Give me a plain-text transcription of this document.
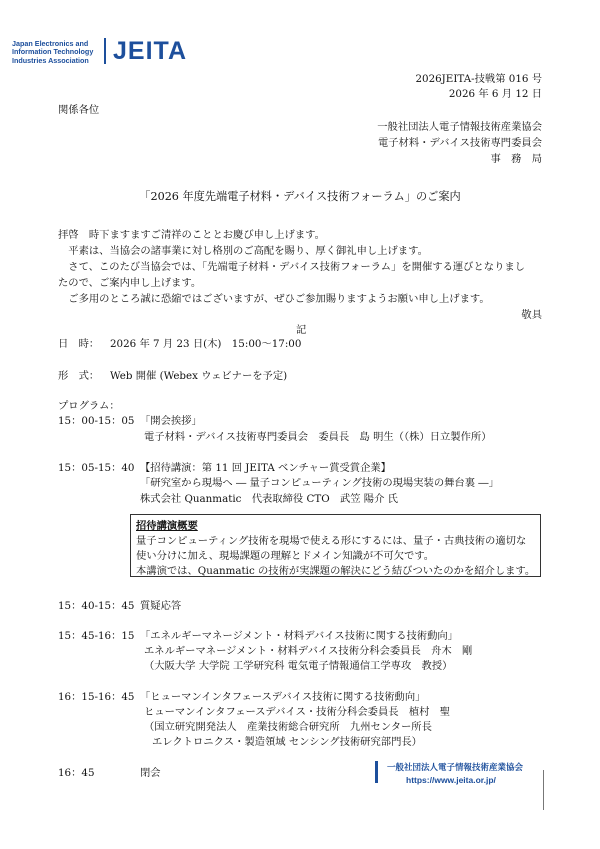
Japan Electronics and
Information Technology
Industries Association JEITA
2026JEITA-技戦第 016 号
2026 年 6 月 12 日
関係各位
一般社団法人電子情報技術産業協会
電子材料・デバイス技術専門委員会
事　務　局
「2026 年度先端電子材料・デバイス技術フォーラム」のご案内
拝啓　時下ますますご清祥のこととお慶び申し上げます。
　平素は、当協会の諸事業に対し格別のご高配を賜り、厚く御礼申し上げます。
　さて、このたび当協会では、「先端電子材料・デバイス技術フォーラム」を開催する運びとなりまし
たので、ご案内申し上げます。
　ご多用のところ誠に恐縮ではございますが、ぜひご参加賜りますようお願い申し上げます。
敬具
記
日　時： 2026 年 7 月 23 日(木)　15:00～17:00
形　式： Web 開催 (Webex ウェビナーを予定)
プログラム：
15：00-15：05 「開会挨拶」
電子材料・デバイス技術専門委員会　委員長　島 明生（（株）日立製作所）
15：05-15：40 【招待講演：第 11 回 JEITA ベンチャー賞受賞企業】
「研究室から現場へ ― 量子コンピューティング技術の現場実装の舞台裏 ―」
株式会社 Quanmatic　代表取締役 CTO　武笠 陽介 氏
招待講演概要
量子コンピューティング技術を現場で使える形にするには、量子・古典技術の適切な
使い分けに加え、現場課題の理解とドメイン知識が不可欠です。
本講演では、Quanmatic の技術が実課題の解決にどう結びついたのかを紹介します。
15：40-15：45 質疑応答
15：45-16：15 「エネルギーマネージメント・材料デバイス技術に関する技術動向」
エネルギーマネージメント・材料デバイス技術分科会委員長　舟木　剛
（大阪大学 大学院 工学研究科 電気電子情報通信工学専攻　教授）
16：15-16：45 「ヒューマンインタフェースデバイス技術に関する技術動向」
ヒューマンインタフェースデバイス・技術分科会委員長　植村　聖
（国立研究開発法人　産業技術総合研究所　九州センター所長
エレクトロニクス・製造領域 センシング技術研究部門長）
16：45	閉会	一般社団法人電子情報技術産業協会
https://www.jeita.or.jp/
